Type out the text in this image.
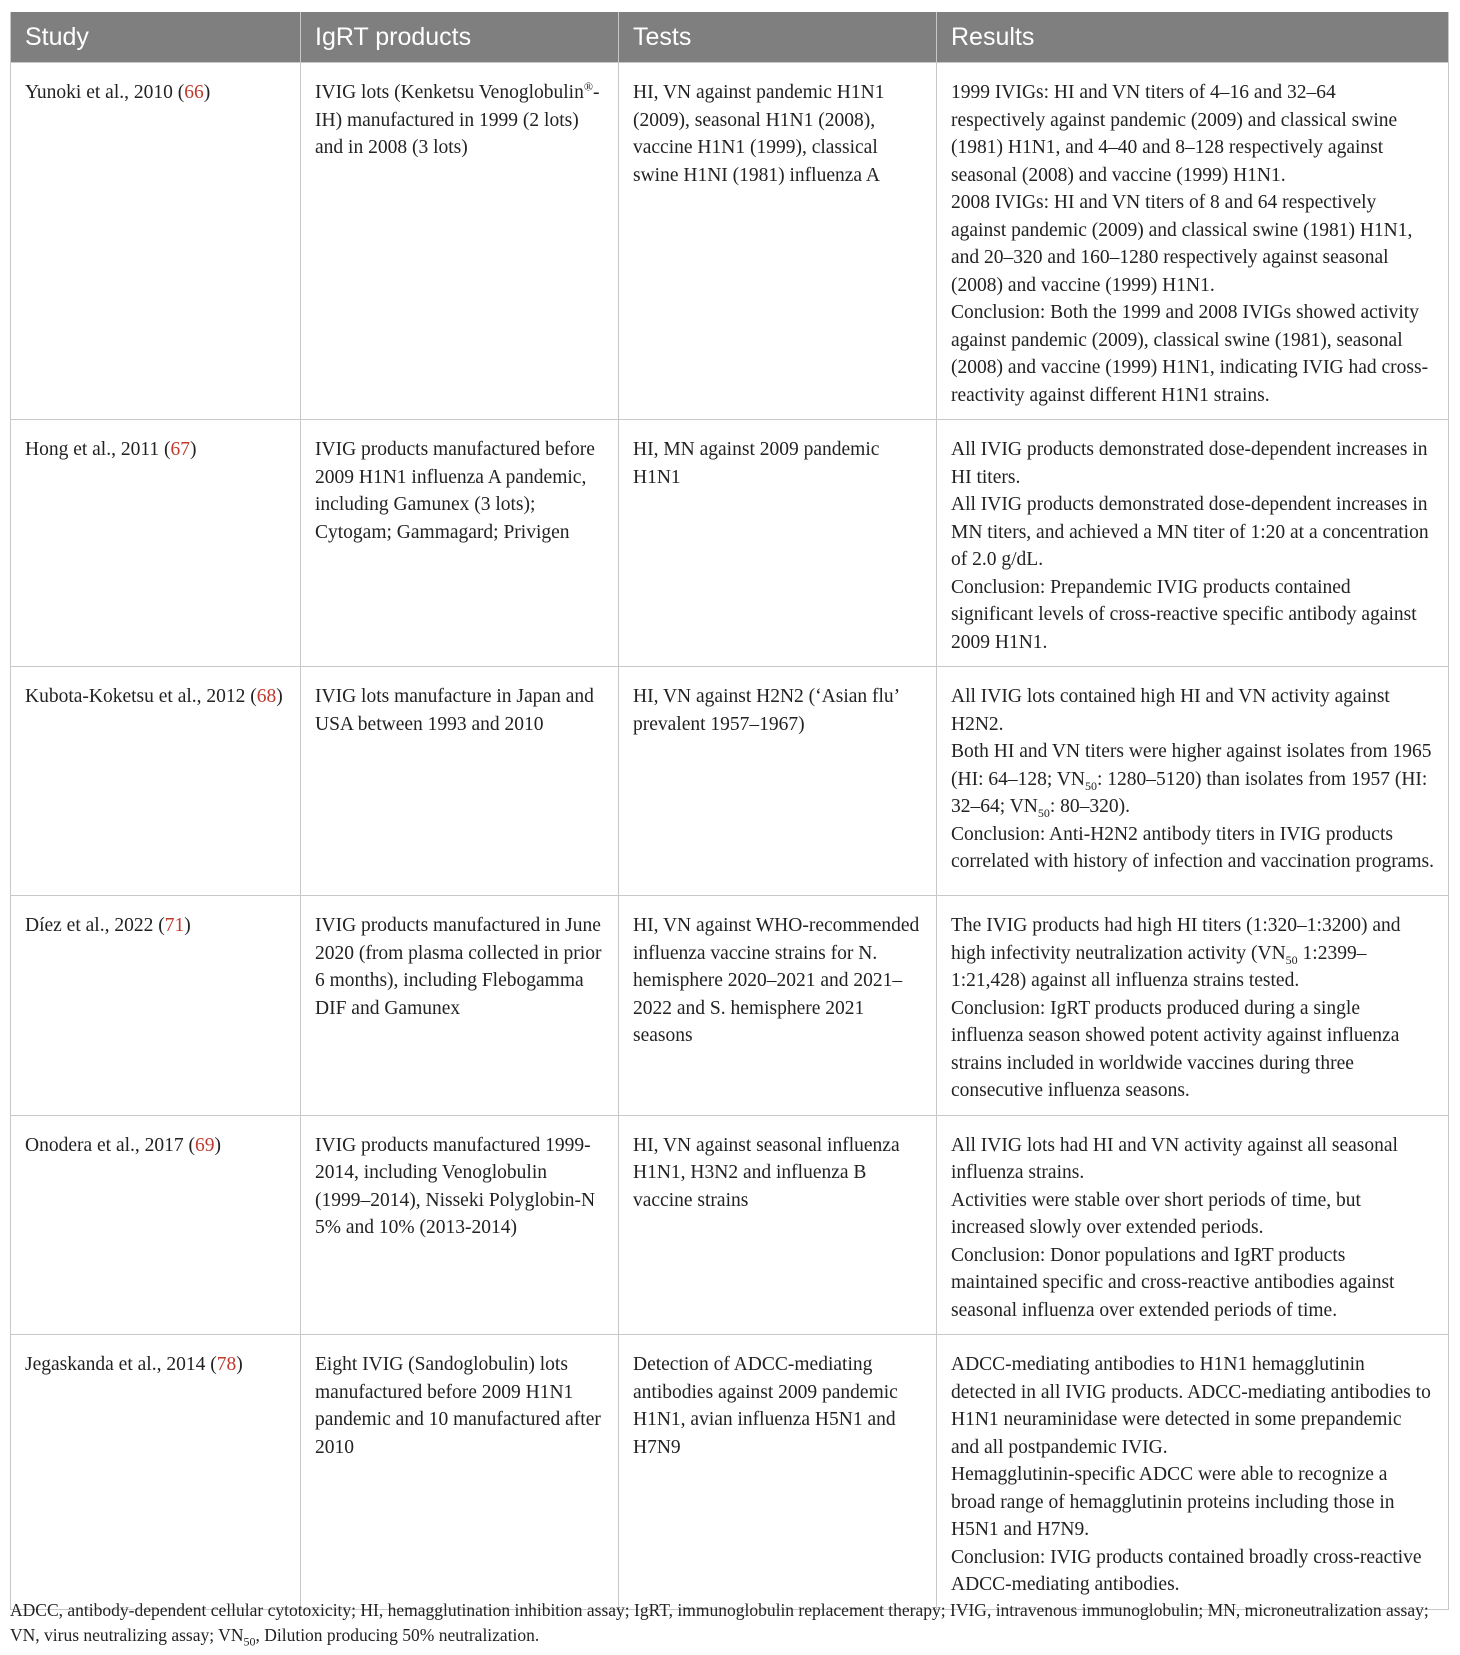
Study	IgRT products	Tests	Results
Yunoki et al., 2010 (66)	IVIG lots (Kenketsu Venoglobulin®-IH) manufactured in 1999 (2 lots) and in 2008 (3 lots)	HI, VN against pandemic H1N1 (2009), seasonal H1N1 (2008), vaccine H1N1 (1999), classical swine H1NI (1981) influenza A	1999 IVIGs: HI and VN titers of 4–16 and 32–64 respectively against pandemic (2009) and classical swine (1981) H1N1, and 4–40 and 8–128 respectively against seasonal (2008) and vaccine (1999) H1N1.
2008 IVIGs: HI and VN titers of 8 and 64 respectively against pandemic (2009) and classical swine (1981) H1N1, and 20–320 and 160–1280 respectively against seasonal (2008) and vaccine (1999) H1N1.
Conclusion: Both the 1999 and 2008 IVIGs showed activity against pandemic (2009), classical swine (1981), seasonal (2008) and vaccine (1999) H1N1, indicating IVIG had cross-reactivity against different H1N1 strains.

Hong et al., 2011 (67)	IVIG products manufactured before 2009 H1N1 influenza A pandemic, including Gamunex (3 lots); Cytogam; Gammagard; Privigen	HI, MN against 2009 pandemic H1N1	All IVIG products demonstrated dose-dependent increases in HI titers.
All IVIG products demonstrated dose-dependent increases in MN titers, and achieved a MN titer of 1:20 at a concentration of 2.0 g/dL.
Conclusion: Prepandemic IVIG products contained significant levels of cross-reactive specific antibody against 2009 H1N1.

Kubota-Koketsu et al., 2012 (68)	IVIG lots manufacture in Japan and USA between 1993 and 2010	HI, VN against H2N2 (‘Asian flu’ prevalent 1957–1967)	All IVIG lots contained high HI and VN activity against H2N2.
Both HI and VN titers were higher against isolates from 1965 (HI: 64–128; $VN_{50}$: 1280–5120) than isolates from 1957 (HI: 32–64; $VN_{50}$: 80–320).
Conclusion: Anti-H2N2 antibody titers in IVIG products correlated with history of infection and vaccination programs.

Díez et al., 2022 (71)	IVIG products manufactured in June 2020 (from plasma collected in prior 6 months), including Flebogamma DIF and Gamunex	HI, VN against WHO-recommended influenza vaccine strains for N. hemisphere 2020–2021 and 2021–2022 and S. hemisphere 2021 seasons	The IVIG products had high HI titers (1:320–1:3200) and high infectivity neutralization activity ($VN_{50}$ 1:2399–1:21,428) against all influenza strains tested.
Conclusion: IgRT products produced during a single influenza season showed potent activity against influenza strains included in worldwide vaccines during three consecutive influenza seasons.

Onodera et al., 2017 (69)	IVIG products manufactured 1999-2014, including Venoglobulin (1999–2014), Nisseki Polyglobin-N 5% and 10% (2013-2014)	HI, VN against seasonal influenza H1N1, H3N2 and influenza B vaccine strains	All IVIG lots had HI and VN activity against all seasonal influenza strains.
Activities were stable over short periods of time, but increased slowly over extended periods.
Conclusion: Donor populations and IgRT products maintained specific and cross-reactive antibodies against seasonal influenza over extended periods of time.

Jegaskanda et al., 2014 (78)	Eight IVIG (Sandoglobulin) lots manufactured before 2009 H1N1 pandemic and 10 manufactured after 2010	Detection of ADCC-mediating antibodies against 2009 pandemic H1N1, avian influenza H5N1 and H7N9	ADCC-mediating antibodies to H1N1 hemagglutinin detected in all IVIG products. ADCC-mediating antibodies to H1N1 neuraminidase were detected in some prepandemic and all postpandemic IVIG.
Hemagglutinin-specific ADCC were able to recognize a broad range of hemagglutinin proteins including those in H5N1 and H7N9.
Conclusion: IVIG products contained broadly cross-reactive ADCC-mediating antibodies.
ADCC, antibody-dependent cellular cytotoxicity; HI, hemagglutination inhibition assay; IgRT, immunoglobulin replacement therapy; IVIG, intravenous immunoglobulin; MN, microneutralization assay; VN, virus neutralizing assay; $VN_{50}$, Dilution producing 50% neutralization.
